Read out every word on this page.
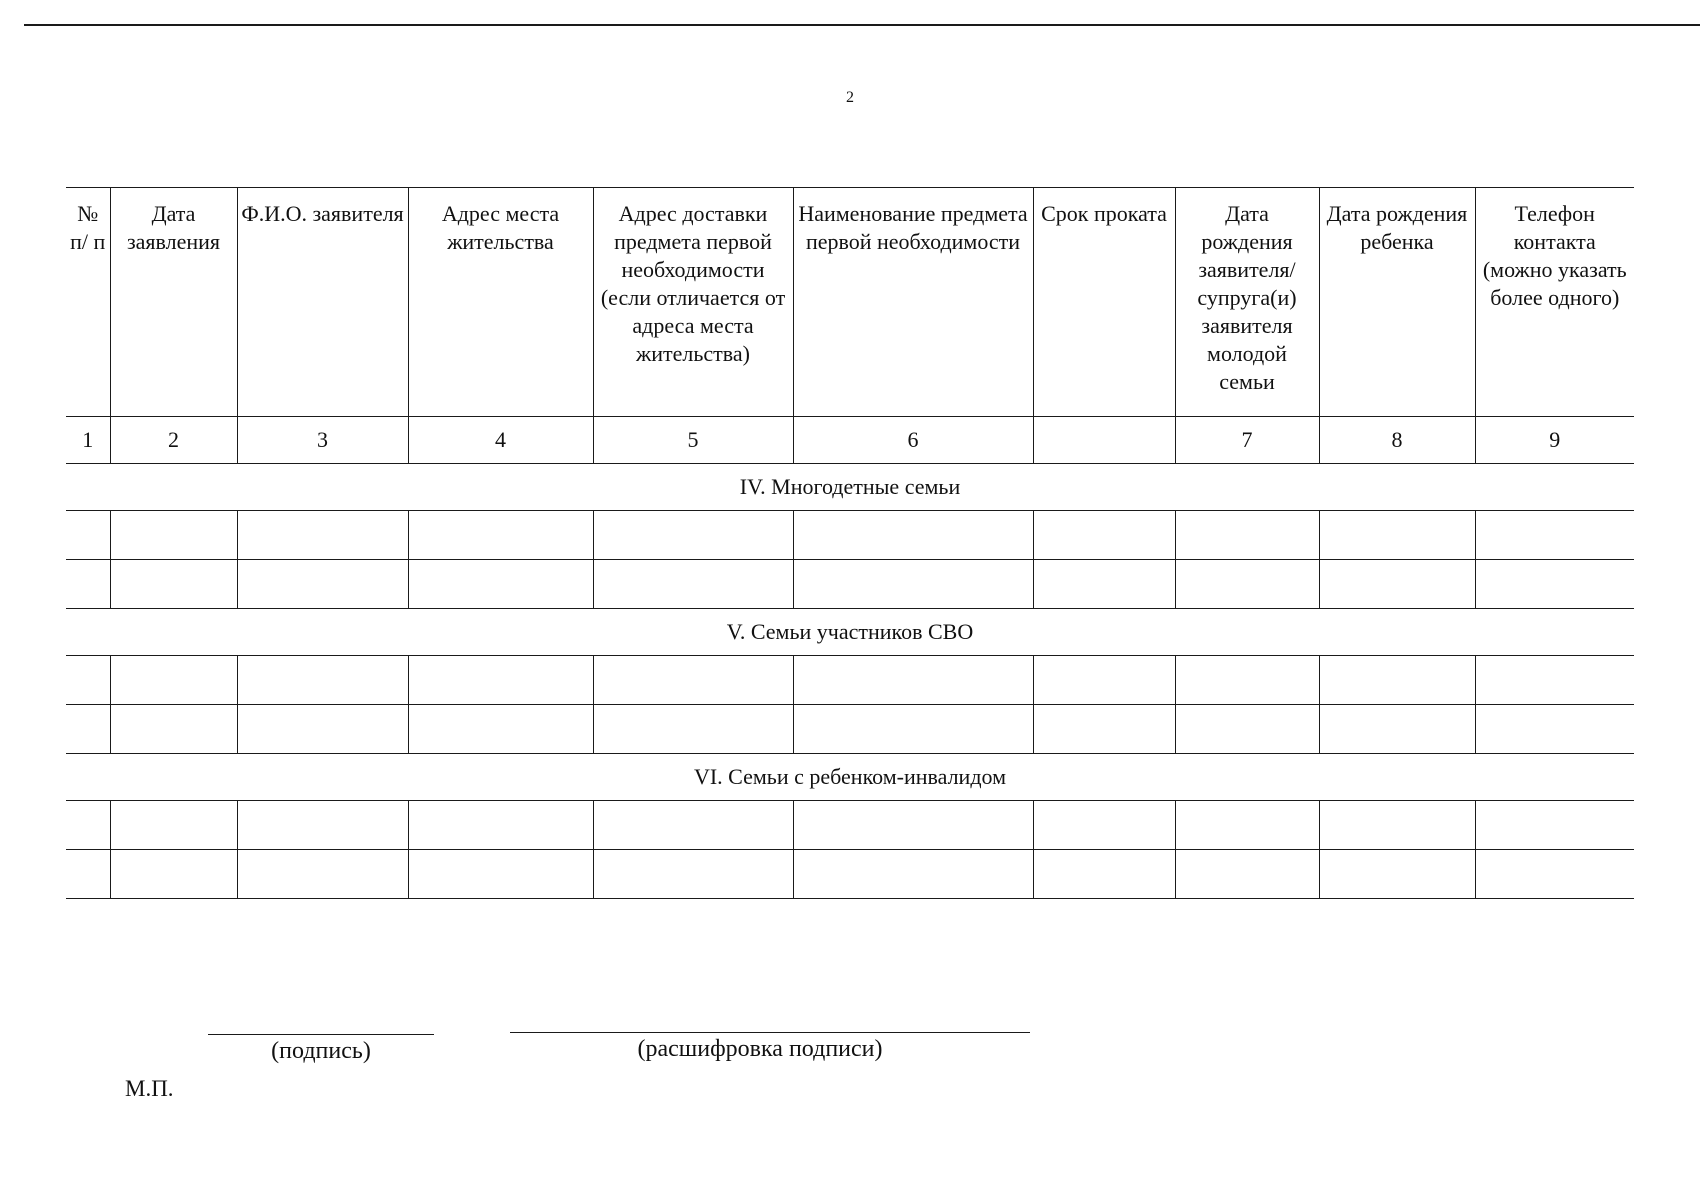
2
№ п/ п	Дата заявления	Ф.И.О. заявителя	Адрес места жительства	Адрес доставки предмета первой необходимости (если отличается от адреса места жительства)	Наименование предмета первой необходимости	Срок проката	Дата рождения заявителя/ супруга(и) заявителя молодой семьи	Дата рождения ребенка	Телефон контакта (можно указать более одного)
1	2	3	4	5	6		7	8	9
IV. Многодетные семьи									

V. Семьи участников СВО									

VI. Семьи с ребенком-инвалидом									

(подпись)	(расшифровка подписи)
М.П.
